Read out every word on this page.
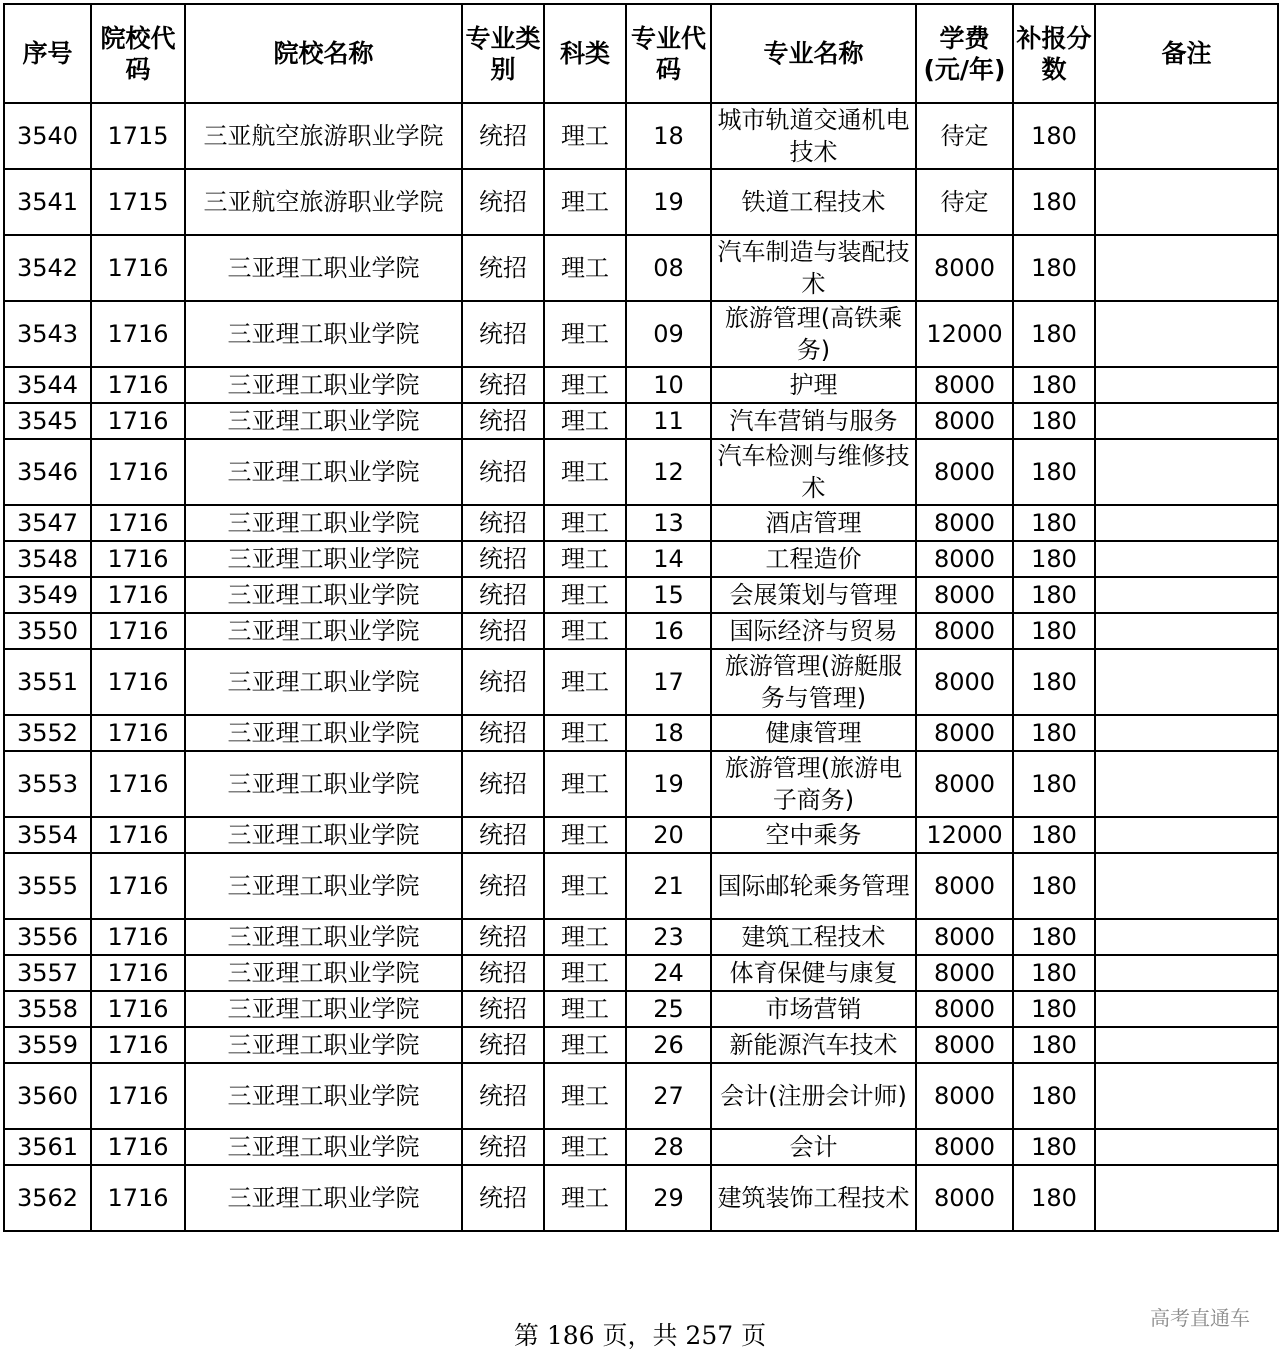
序号	院校代码	院校名称	专业类别	科类	专业代码	专业名称	学费(元/年)	补报分数	备注
3540	1715	三亚航空旅游职业学院	统招	理工	18	城市轨道交通机电技术	待定	180	
3541	1715	三亚航空旅游职业学院	统招	理工	19	铁道工程技术	待定	180	
3542	1716	三亚理工职业学院	统招	理工	08	汽车制造与装配技术	8000	180	
3543	1716	三亚理工职业学院	统招	理工	09	旅游管理(高铁乘务)	12000	180	
3544	1716	三亚理工职业学院	统招	理工	10	护理	8000	180	
3545	1716	三亚理工职业学院	统招	理工	11	汽车营销与服务	8000	180	
3546	1716	三亚理工职业学院	统招	理工	12	汽车检测与维修技术	8000	180	
3547	1716	三亚理工职业学院	统招	理工	13	酒店管理	8000	180	
3548	1716	三亚理工职业学院	统招	理工	14	工程造价	8000	180	
3549	1716	三亚理工职业学院	统招	理工	15	会展策划与管理	8000	180	
3550	1716	三亚理工职业学院	统招	理工	16	国际经济与贸易	8000	180	
3551	1716	三亚理工职业学院	统招	理工	17	旅游管理(游艇服务与管理)	8000	180	
3552	1716	三亚理工职业学院	统招	理工	18	健康管理	8000	180	
3553	1716	三亚理工职业学院	统招	理工	19	旅游管理(旅游电子商务)	8000	180	
3554	1716	三亚理工职业学院	统招	理工	20	空中乘务	12000	180	
3555	1716	三亚理工职业学院	统招	理工	21	国际邮轮乘务管理	8000	180	
3556	1716	三亚理工职业学院	统招	理工	23	建筑工程技术	8000	180	
3557	1716	三亚理工职业学院	统招	理工	24	体育保健与康复	8000	180	
3558	1716	三亚理工职业学院	统招	理工	25	市场营销	8000	180	
3559	1716	三亚理工职业学院	统招	理工	26	新能源汽车技术	8000	180	
3560	1716	三亚理工职业学院	统招	理工	27	会计(注册会计师)	8000	180	
3561	1716	三亚理工职业学院	统招	理工	28	会计	8000	180	
3562	1716	三亚理工职业学院	统招	理工	29	建筑装饰工程技术	8000	180	
第 186 页，共 257 页
高考直通车
